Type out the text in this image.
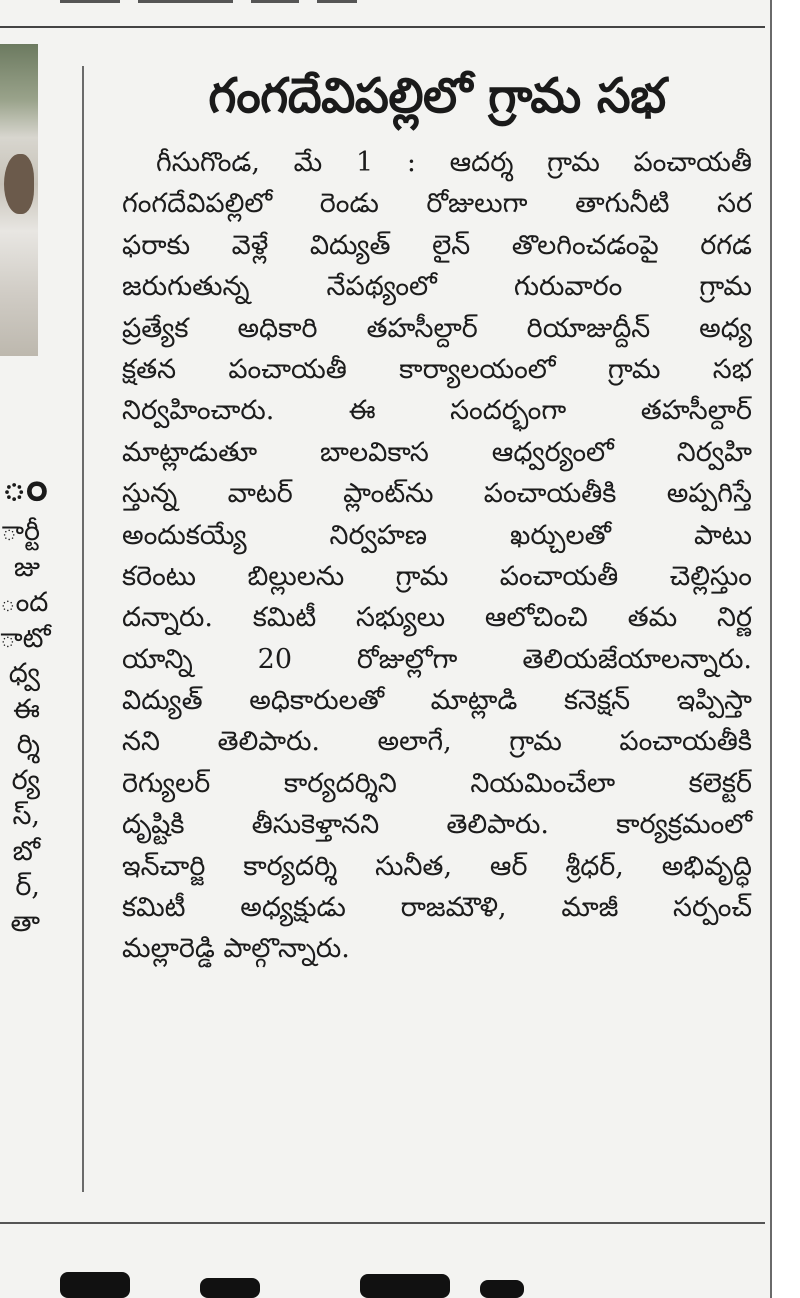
ం
ార్టీ
జు
ంద
ాటో
ధ్వ
ఈ
ర్శి
ర్య
స్,
బో
ర్,
తా
గంగదేవిపల్లిలో గ్రామ సభ
గీసుగొండ, మే 1 : ఆదర్శ గ్రామ పంచాయతీ
గంగదేవిపల్లిలో రెండు రోజులుగా తాగునీటి సర
ఫరాకు వెళ్లే విద్యుత్ లైన్ తొలగించడంపై రగడ
జరుగుతున్న నేపథ్యంలో గురువారం గ్రామ
ప్రత్యేక అధికారి తహసీల్దార్ రియాజుద్దీన్ అధ్య
క్షతన పంచాయతీ కార్యాలయంలో గ్రామ సభ
నిర్వహించారు. ఈ సందర్భంగా తహసీల్దార్
మాట్లాడుతూ బాలవికాస ఆధ్వర్యంలో నిర్వహి
స్తున్న వాటర్ ప్లాంట్‌ను పంచాయతీకి అప్పగిస్తే
అందుకయ్యే నిర్వహణ ఖర్చులతో పాటు
కరెంటు బిల్లులను గ్రామ పంచాయతీ చెల్లిస్తుం
దన్నారు. కమిటీ సభ్యులు ఆలోచించి తమ నిర్ణ
యాన్ని 20 రోజుల్లోగా తెలియజేయాలన్నారు.
విద్యుత్ అధికారులతో మాట్లాడి కనెక్షన్ ఇప్పిస్తా
నని తెలిపారు. అలాగే, గ్రామ పంచాయతీకి
రెగ్యులర్ కార్యదర్శిని నియమించేలా కలెక్టర్
దృష్టికి తీసుకెళ్తానని తెలిపారు. కార్యక్రమంలో
ఇన్‌చార్జి కార్యదర్శి సునీత, ఆర్ శ్రీధర్, అభివృద్ధి
కమిటీ అధ్యక్షుడు రాజమౌళి, మాజీ సర్పంచ్
మల్లారెడ్డి పాల్గొన్నారు.
